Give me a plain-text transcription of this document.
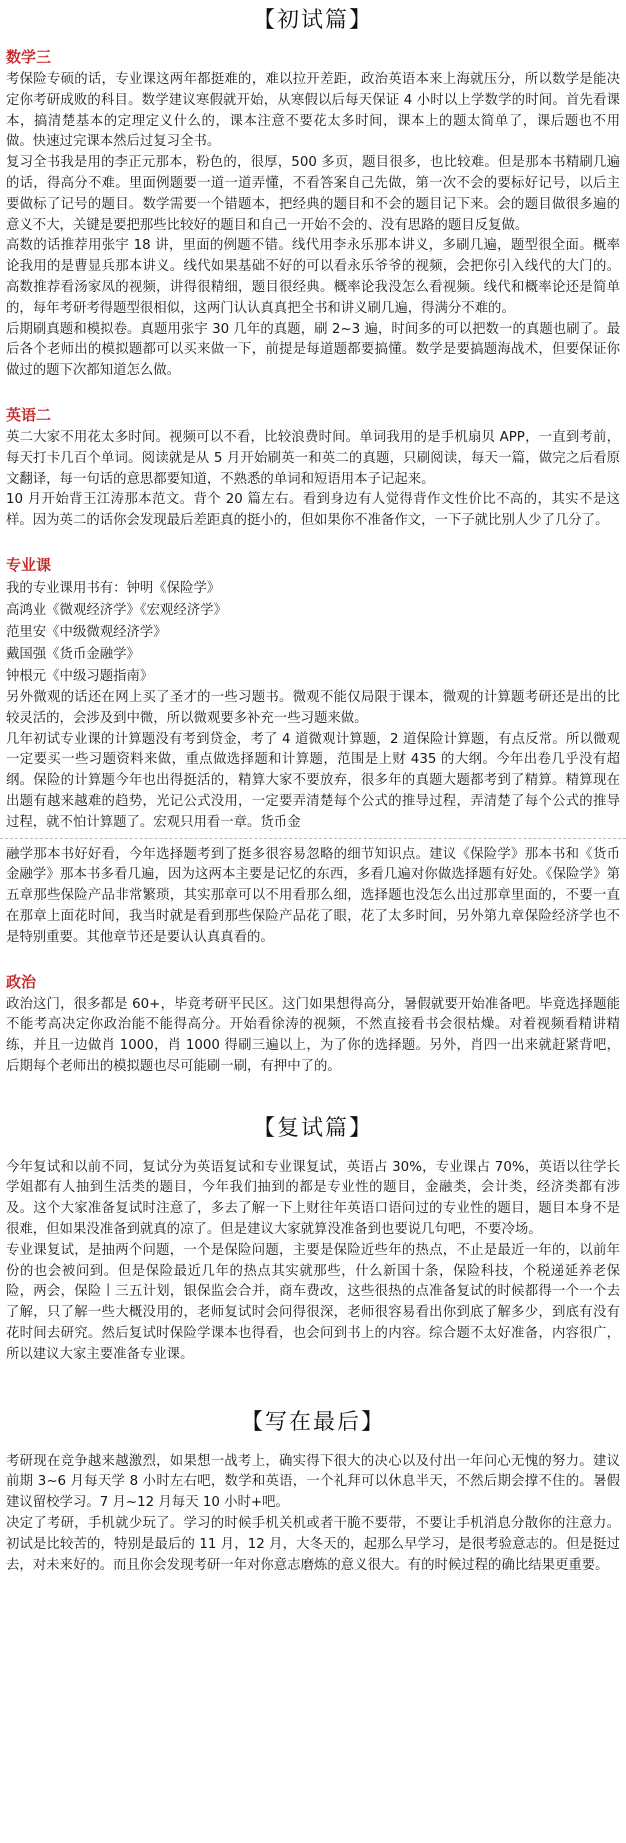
【初试篇】
数学三

考保险专硕的话，专业课这两年都挺难的，难以拉开差距，政治英语本来上海就压分，所以数学是能决定你考研成败的科目。数学建议寒假就开始，从寒假以后每天保证 4 小时以上学数学的时间。首先看课本，搞清楚基本的定理定义什么的，课本注意不要花太多时间，课本上的题太简单了，课后题也不用做。快速过完课本然后过复习全书。

复习全书我是用的李正元那本，粉色的，很厚，500 多页，题目很多，也比较难。但是那本书精刷几遍的话，得高分不难。里面例题要一道一道弄懂，不看答案自己先做，第一次不会的要标好记号，以后主要做标了记号的题目。数学需要一个错题本，把经典的题目和不会的题目记下来。会的题目做很多遍的意义不大，关键是要把那些比较好的题目和自己一开始不会的、没有思路的题目反复做。

高数的话推荐用张宇 18 讲，里面的例题不错。线代用李永乐那本讲义，多刷几遍，题型很全面。概率论我用的是曹显兵那本讲义。线代如果基础不好的可以看永乐爷爷的视频，会把你引入线代的大门的。高数推荐看汤家凤的视频，讲得很精细，题目很经典。概率论我没怎么看视频。线代和概率论还是简单的，每年考研考得题型很相似，这两门认认真真把全书和讲义刷几遍，得满分不难的。

后期刷真题和模拟卷。真题用张宇 30 几年的真题，刷 2~3 遍，时间多的可以把数一的真题也刷了。最后各个老师出的模拟题都可以买来做一下，前提是每道题都要搞懂。数学是要搞题海战术，但要保证你做过的题下次都知道怎么做。

英语二

英二大家不用花太多时间。视频可以不看，比较浪费时间。单词我用的是手机扇贝 APP，一直到考前，每天打卡几百个单词。阅读就是从 5 月开始刷英一和英二的真题，只刷阅读，每天一篇，做完之后看原文翻译，每一句话的意思都要知道，不熟悉的单词和短语用本子记起来。

10 月开始背王江涛那本范文。背个 20 篇左右。看到身边有人觉得背作文性价比不高的，其实不是这样。因为英二的话你会发现最后差距真的挺小的，但如果你不准备作文，一下子就比别人少了几分了。

专业课
我的专业课用书有：钟明《保险学》
高鸿业《微观经济学》《宏观经济学》
范里安《中级微观经济学》
戴国强《货币金融学》
钟根元《中级习题指南》

另外微观的话还在网上买了圣才的一些习题书。微观不能仅局限于课本，微观的计算题考研还是出的比较灵活的，会涉及到中微，所以微观要多补充一些习题来做。

几年初试专业课的计算题没有考到贷金，考了 4 道微观计算题，2 道保险计算题，有点反常。所以微观一定要买一些习题资料来做，重点做选择题和计算题，范围是上财 435 的大纲。今年出卷几乎没有超纲。保险的计算题今年也出得挺活的，精算大家不要放弃，很多年的真题大题都考到了精算。精算现在出题有越来越难的趋势，光记公式没用，一定要弄清楚每个公式的推导过程，弄清楚了每个公式的推导过程，就不怕计算题了。宏观只用看一章。货币金

融学那本书好好看，今年选择题考到了挺多很容易忽略的细节知识点。建议《保险学》那本书和《货币金融学》那本书多看几遍，因为这两本主要是记忆的东西，多看几遍对你做选择题有好处。《保险学》第五章那些保险产品非常繁琐，其实那章可以不用看那么细，选择题也没怎么出过那章里面的，不要一直在那章上面花时间，我当时就是看到那些保险产品花了眼，花了太多时间，另外第九章保险经济学也不是特别重要。其他章节还是要认认真真看的。

政治

政治这门，很多都是 60+，毕竟考研平民区。这门如果想得高分，暑假就要开始准备吧。毕竟选择题能不能考高决定你政治能不能得高分。开始看徐涛的视频，不然直接看书会很枯燥。对着视频看精讲精练，并且一边做肖 1000，肖 1000 得刷三遍以上，为了你的选择题。另外，肖四一出来就赶紧背吧，后期每个老师出的模拟题也尽可能刷一刷，有押中了的。

【复试篇】

今年复试和以前不同，复试分为英语复试和专业课复试，英语占 30%，专业课占 70%，英语以往学长学姐都有人抽到生活类的题目，今年我们抽到的都是专业性的题目，金融类，会计类，经济类都有涉及。这个大家准备复试时注意了，多去了解一下上财往年英语口语问过的专业性的题目，题目本身不是很难，但如果没准备到就真的凉了。但是建议大家就算没准备到也要说几句吧，不要冷场。

专业课复试，是抽两个问题，一个是保险问题，主要是保险近些年的热点，不止是最近一年的，以前年份的也会被问到。但是保险最近几年的热点其实就那些，什么新国十条，保险科技，个税递延养老保险，两会，保险丨三五计划，银保监会合并，商车费改，这些很热的点准备复试的时候都得一个一个去了解，只了解一些大概没用的，老师复试时会问得很深，老师很容易看出你到底了解多少，到底有没有花时间去研究。然后复试时保险学课本也得看，也会问到书上的内容。综合题不太好准备，内容很广，所以建议大家主要准备专业课。

【写在最后】

考研现在竞争越来越激烈，如果想一战考上，确实得下很大的决心以及付出一年问心无愧的努力。建议前期 3~6 月每天学 8 小时左右吧，数学和英语，一个礼拜可以休息半天，不然后期会撑不住的。暑假建议留校学习。7 月~12 月每天 10 小时+吧。

决定了考研，手机就少玩了。学习的时候手机关机或者干脆不要带，不要让手机消息分散你的注意力。初试是比较苦的，特别是最后的 11 月，12 月，大冬天的，起那么早学习，是很考验意志的。但是挺过去，对未来好的。而且你会发现考研一年对你意志磨炼的意义很大。有的时候过程的确比结果更重要。
